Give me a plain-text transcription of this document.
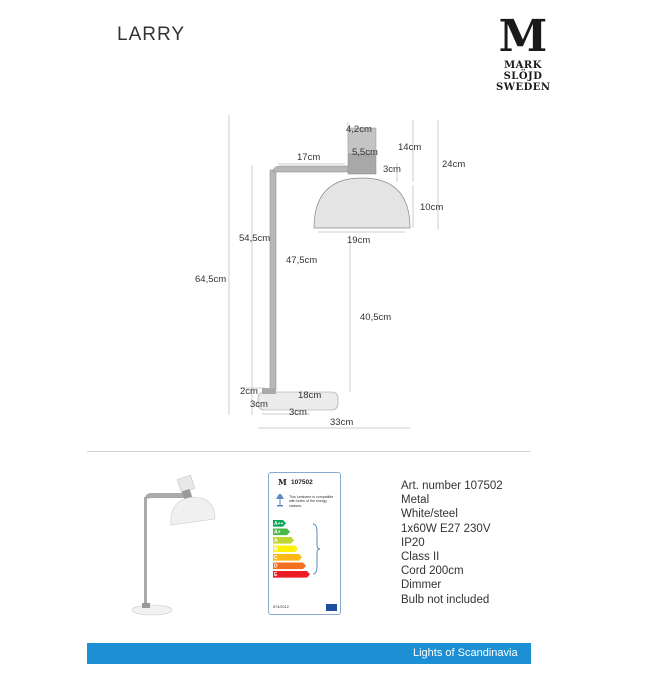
LARRY	M
MARK
SLÖJD
SWEDEN
4,2cm
14cm
24cm
17cm	5,5cm
3cm
10cm
19cm
54,5cm
64,5cm
47,5cm
40,5cm
2cm	18cm
3cm
3cm
33cm
M 107502
This luminaire is compatible with bulbs of the energy classes:
A++
A+
A
B
C
D
E
874/2012
Art. number 107502
Metal
White/steel
1x60W E27 230V
IP20
Class II
Cord 200cm
Dimmer
Bulb not included
Lights of Scandinavia
